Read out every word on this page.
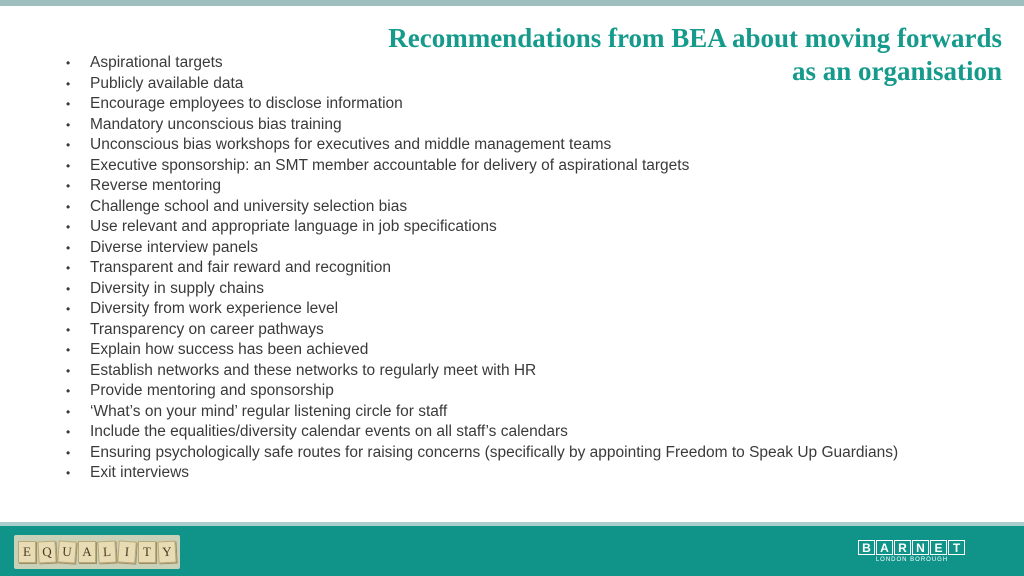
Recommendations from BEA about moving forwards as an organisation
• Aspirational targets
• Publicly available data
• Encourage employees to disclose information
• Mandatory unconscious bias training
• Unconscious bias workshops for executives and middle management teams
• Executive sponsorship: an SMT member accountable for delivery of aspirational targets
• Reverse mentoring
• Challenge school and university selection bias
• Use relevant and appropriate language in job specifications
• Diverse interview panels
• Transparent and fair reward and recognition
• Diversity in supply chains
• Diversity from work experience level
• Transparency on career pathways
• Explain how success has been achieved
• Establish networks and these networks to regularly meet with HR
• Provide mentoring and sponsorship
• ‘What’s on your mind’ regular listening circle for staff
• Include the equalities/diversity calendar events on all staff’s calendars
• Ensuring psychologically safe routes for raising concerns (specifically by appointing Freedom to Speak Up Guardians)
• Exit interviews
E Q U A L	I	T Y	B A R N E T
LONDON BOROUGH
